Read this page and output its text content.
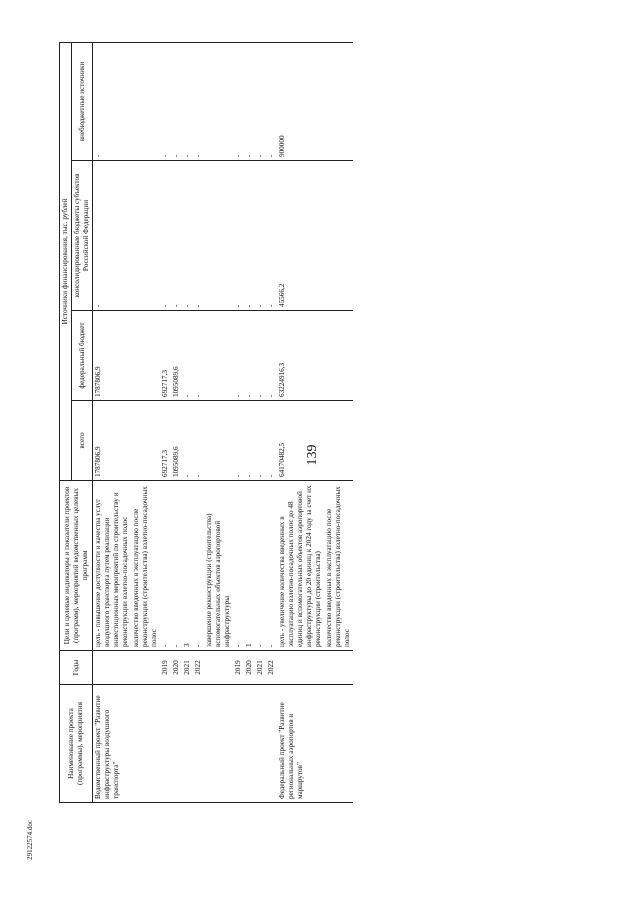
139
29122574.doc
Наименование проекта (программы), мероприятия	Годы	Цели и целевые индикаторы и показатели проектов (программ), мероприятий ведомственных целевых программ	Источники финансирования, тыс. рублей			
			всего	федеральный бюджет	консолидированные бюджеты субъектов Российской Федерации	внебюджетные источники
Ведомственный проект "Развитие инфраструктуры воздушного транспорта"		цель - повышение доступности и качества услуг воздушного транспорта путем реализации инвестиционных мероприятий по строительству и реконструкции взлетно-посадочных полос	1787806,9	1787806,9	-	-
		количество введенных в эксплуатацию после реконструкции (строительства) взлетно-посадочных полос				
	2019	-	692717,3	692717,3	-	-
	2020	-	1095089,6	1095089,6	-	-
	2021	3	-	-	-	-
	2022	-	-	-	-	-
		завершение реконструкции (строительства) вспомогательных объектов аэропортовой инфраструктуры				
	2019	-	-	-	-	-
	2020	1	-	-	-	-
	2021	-	-	-	-	-
	2022	-	-	-	-	-
Федеральный проект "Развитие региональных аэропортов и маршрутов"		цель - увеличение количества введенных в эксплуатацию взлетно-посадочных полос до 48 единиц и вспомогательных объектов аэропортовой инфраструктуры до 20 единиц к 2024 году за счет их реконструкции (строительства)	64170482,5	63224916,3	45566,2	900000
		количество введенных в эксплуатацию после реконструкции (строительства) взлетно-посадочных полос				
